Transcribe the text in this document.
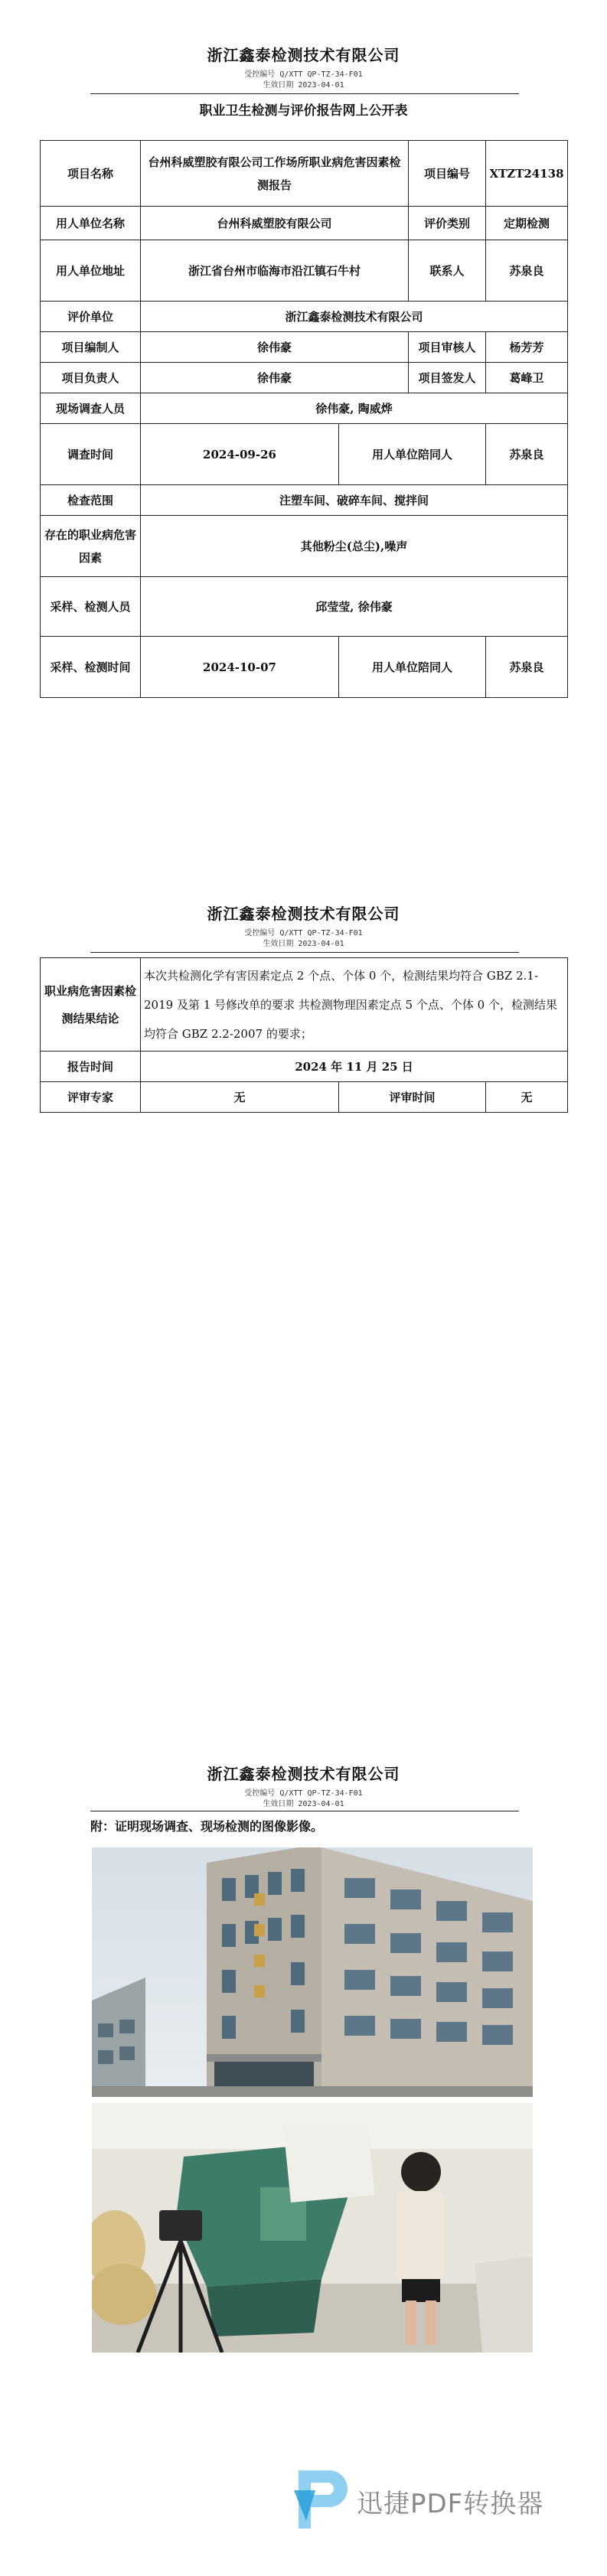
浙江鑫泰检测技术有限公司
受控编号 Q/XTT QP-TZ-34-F01
生效日期 2023-04-01
职业卫生检测与评价报告网上公开表
项目名称	台州科威塑胶有限公司工作场所职业病危害因素检测报告		项目编号	XTZT24138
用人单位名称	台州科威塑胶有限公司		评价类别	定期检测
用人单位地址	浙江省台州市临海市沿江镇石牛村		联系人	苏泉良
评价单位	浙江鑫泰检测技术有限公司			
项目编制人	徐伟豪		项目审核人	杨芳芳
项目负责人	徐伟豪		项目签发人	葛峰卫
现场调查人员	徐伟豪, 陶威烨			
调查时间	2024-09-26	用人单位陪同人		苏泉良
检查范围	注塑车间、破碎车间、搅拌间			
存在的职业病危害因素	其他粉尘(总尘),噪声			
采样、检测人员	邱莹莹, 徐伟豪			
采样、检测时间	2024-10-07	用人单位陪同人		苏泉良
浙江鑫泰检测技术有限公司
受控编号 Q/XTT QP-TZ-34-F01
生效日期 2023-04-01
职业病危害因素检测结果结论	本次共检测化学有害因素定点 2 个点、个体 0 个，检测结果均符合 GBZ 2.1-2019 及第 1 号修改单的要求 共检测物理因素定点 5 个点、个体 0 个，检测结果均符合 GBZ 2.2-2007 的要求；		
报告时间	2024 年 11 月 25 日		
评审专家	无	评审时间	无
浙江鑫泰检测技术有限公司
受控编号 Q/XTT QP-TZ-34-F01
生效日期 2023-04-01
附：证明现场调查、现场检测的图像影像。
迅捷PDF转换器
